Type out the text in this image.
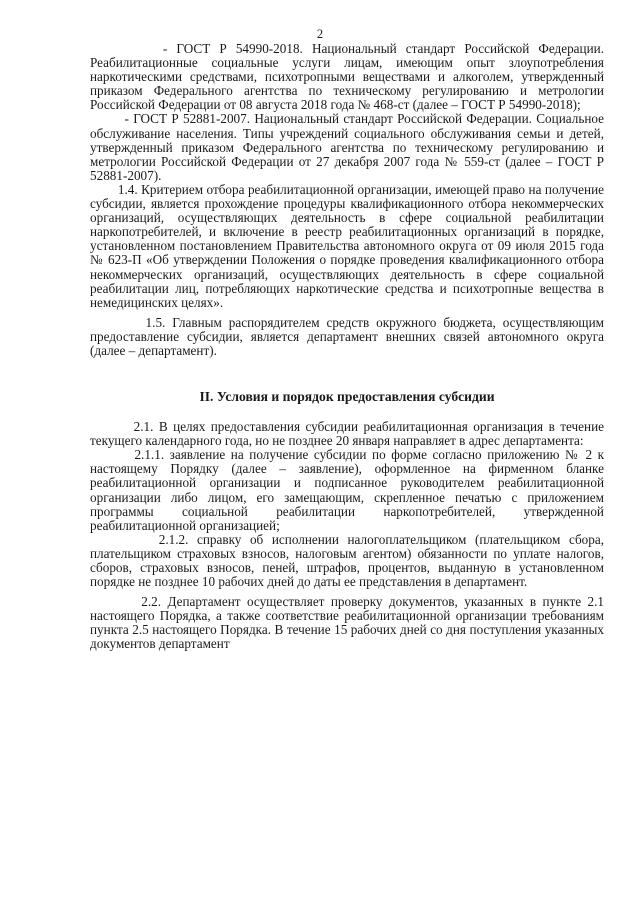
2

- ГОСТ Р 54990-2018. Национальный стандарт Российской Федерации. Реабилитационные социальные услуги лицам, имеющим опыт злоупотребления наркотическими средствами, психотропными веществами и алкоголем, утвержденный приказом Федерального агентства по техническому регулированию и метрологии Российской Федерации от 08 августа 2018 года № 468-ст (далее – ГОСТ Р 54990-2018);

- ГОСТ Р 52881-2007. Национальный стандарт Российской Федерации. Социальное обслуживание населения. Типы учреждений социального обслуживания семьи и детей, утвержденный приказом Федерального агентства по техническому регулированию и метрологии Российской Федерации от 27 декабря 2007 года № 559-ст (далее – ГОСТ Р 52881-2007).

1.4. Критерием отбора реабилитационной организации, имеющей право на получение субсидии, является прохождение процедуры квалификационного отбора некоммерческих организаций, осуществляющих деятельность в сфере социальной реабилитации наркопотребителей, и включение в реестр реабилитационных организаций в порядке, установленном постановлением Правительства автономного округа от 09 июля 2015 года № 623-П «Об утверждении Положения о порядке проведения квалификационного отбора некоммерческих организаций, осуществляющих деятельность в сфере социальной реабилитации лиц, потребляющих наркотические средства и психотропные вещества в немедицинских целях».

1.5. Главным распорядителем средств окружного бюджета, осуществляющим предоставление субсидии, является департамент внешних связей автономного округа (далее – департамент).

II. Условия и порядок предоставления субсидии

2.1. В целях предоставления субсидии реабилитационная организация в течение текущего календарного года, но не позднее 20 января направляет в адрес департамента:

2.1.1. заявление на получение субсидии по форме согласно приложению № 2 к настоящему Порядку (далее – заявление), оформленное на фирменном бланке реабилитационной организации и подписанное руководителем реабилитационной организации либо лицом, его замещающим, скрепленное печатью с приложением программы социальной реабилитации наркопотребителей, утвержденной реабилитационной организацией;

2.1.2. справку об исполнении налогоплательщиком (плательщиком сбора, плательщиком страховых взносов, налоговым агентом) обязанности по уплате налогов, сборов, страховых взносов, пеней, штрафов, процентов, выданную в установленном порядке не позднее 10 рабочих дней до даты ее представления в департамент.

2.2. Департамент осуществляет проверку документов, указанных в пункте 2.1 настоящего Порядка, а также соответствие реабилитационной организации требованиям пункта 2.5 настоящего Порядка. В течение 15 рабочих дней со дня поступления указанных документов департамент
